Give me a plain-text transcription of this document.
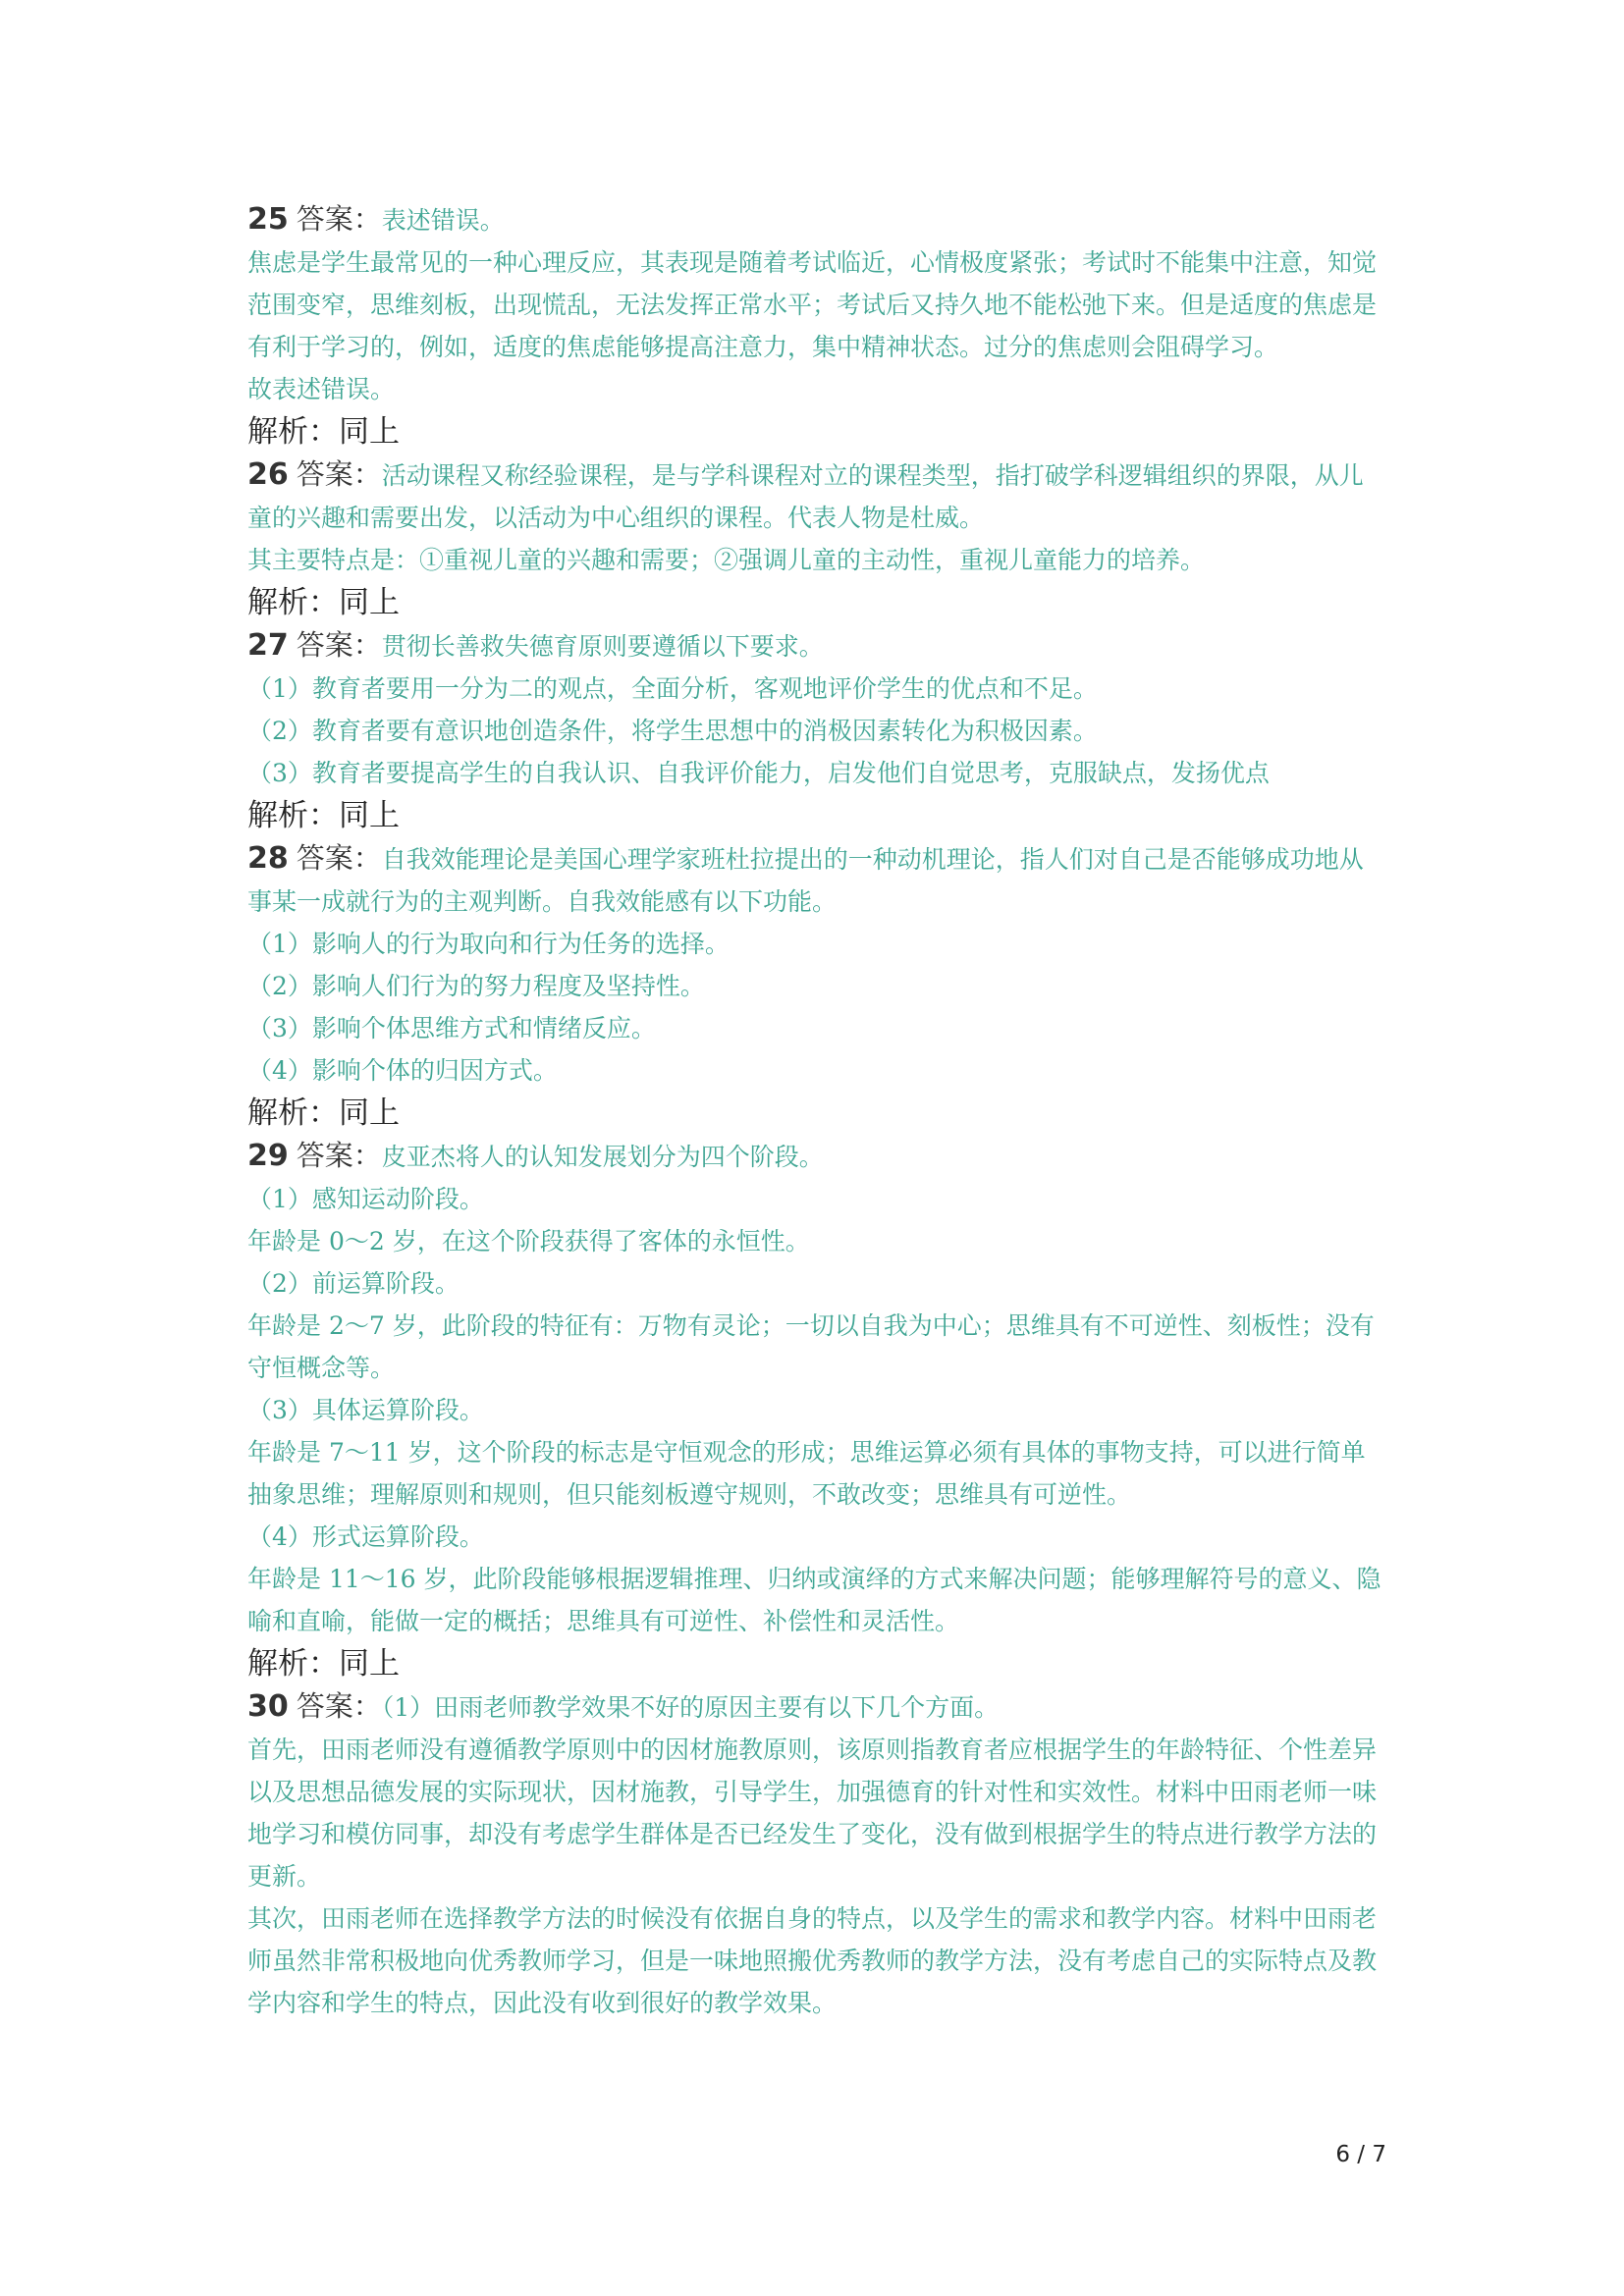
25 答案：表述错误。

焦虑是学生最常见的一种心理反应，其表现是随着考试临近，心情极度紧张；考试时不能集中注意，知觉范围变窄，思维刻板，出现慌乱，无法发挥正常水平；考试后又持久地不能松弛下来。但是适度的焦虑是有利于学习的，例如，适度的焦虑能够提高注意力，集中精神状态。过分的焦虑则会阻碍学习。

故表述错误。

解析：同上

26 答案：活动课程又称经验课程，是与学科课程对立的课程类型，指打破学科逻辑组织的界限，从儿童的兴趣和需要出发，以活动为中心组织的课程。代表人物是杜威。

其主要特点是：①重视儿童的兴趣和需要；②强调儿童的主动性，重视儿童能力的培养。

解析：同上

27 答案：贯彻长善救失德育原则要遵循以下要求。

（1）教育者要用一分为二的观点，全面分析，客观地评价学生的优点和不足。

（2）教育者要有意识地创造条件，将学生思想中的消极因素转化为积极因素。

（3）教育者要提高学生的自我认识、自我评价能力，启发他们自觉思考，克服缺点，发扬优点

解析：同上

28 答案：自我效能理论是美国心理学家班杜拉提出的一种动机理论，指人们对自己是否能够成功地从事某一成就行为的主观判断。自我效能感有以下功能。

（1）影响人的行为取向和行为任务的选择。

（2）影响人们行为的努力程度及坚持性。

（3）影响个体思维方式和情绪反应。

（4）影响个体的归因方式。

解析：同上

29 答案：皮亚杰将人的认知发展划分为四个阶段。

（1）感知运动阶段。

年龄是 0～2 岁，在这个阶段获得了客体的永恒性。

（2）前运算阶段。

年龄是 2～7 岁，此阶段的特征有：万物有灵论；一切以自我为中心；思维具有不可逆性、刻板性；没有守恒概念等。

（3）具体运算阶段。

年龄是 7～11 岁，这个阶段的标志是守恒观念的形成；思维运算必须有具体的事物支持，可以进行简单抽象思维；理解原则和规则，但只能刻板遵守规则，不敢改变；思维具有可逆性。

（4）形式运算阶段。

年龄是 11～16 岁，此阶段能够根据逻辑推理、归纳或演绎的方式来解决问题；能够理解符号的意义、隐喻和直喻，能做一定的概括；思维具有可逆性、补偿性和灵活性。

解析：同上

30 答案：（1）田雨老师教学效果不好的原因主要有以下几个方面。

首先，田雨老师没有遵循教学原则中的因材施教原则，该原则指教育者应根据学生的年龄特征、个性差异以及思想品德发展的实际现状，因材施教，引导学生，加强德育的针对性和实效性。材料中田雨老师一味地学习和模仿同事，却没有考虑学生群体是否已经发生了变化，没有做到根据学生的特点进行教学方法的更新。

其次，田雨老师在选择教学方法的时候没有依据自身的特点，以及学生的需求和教学内容。材料中田雨老师虽然非常积极地向优秀教师学习，但是一味地照搬优秀教师的教学方法，没有考虑自己的实际特点及教学内容和学生的特点，因此没有收到很好的教学效果。

6 / 7
